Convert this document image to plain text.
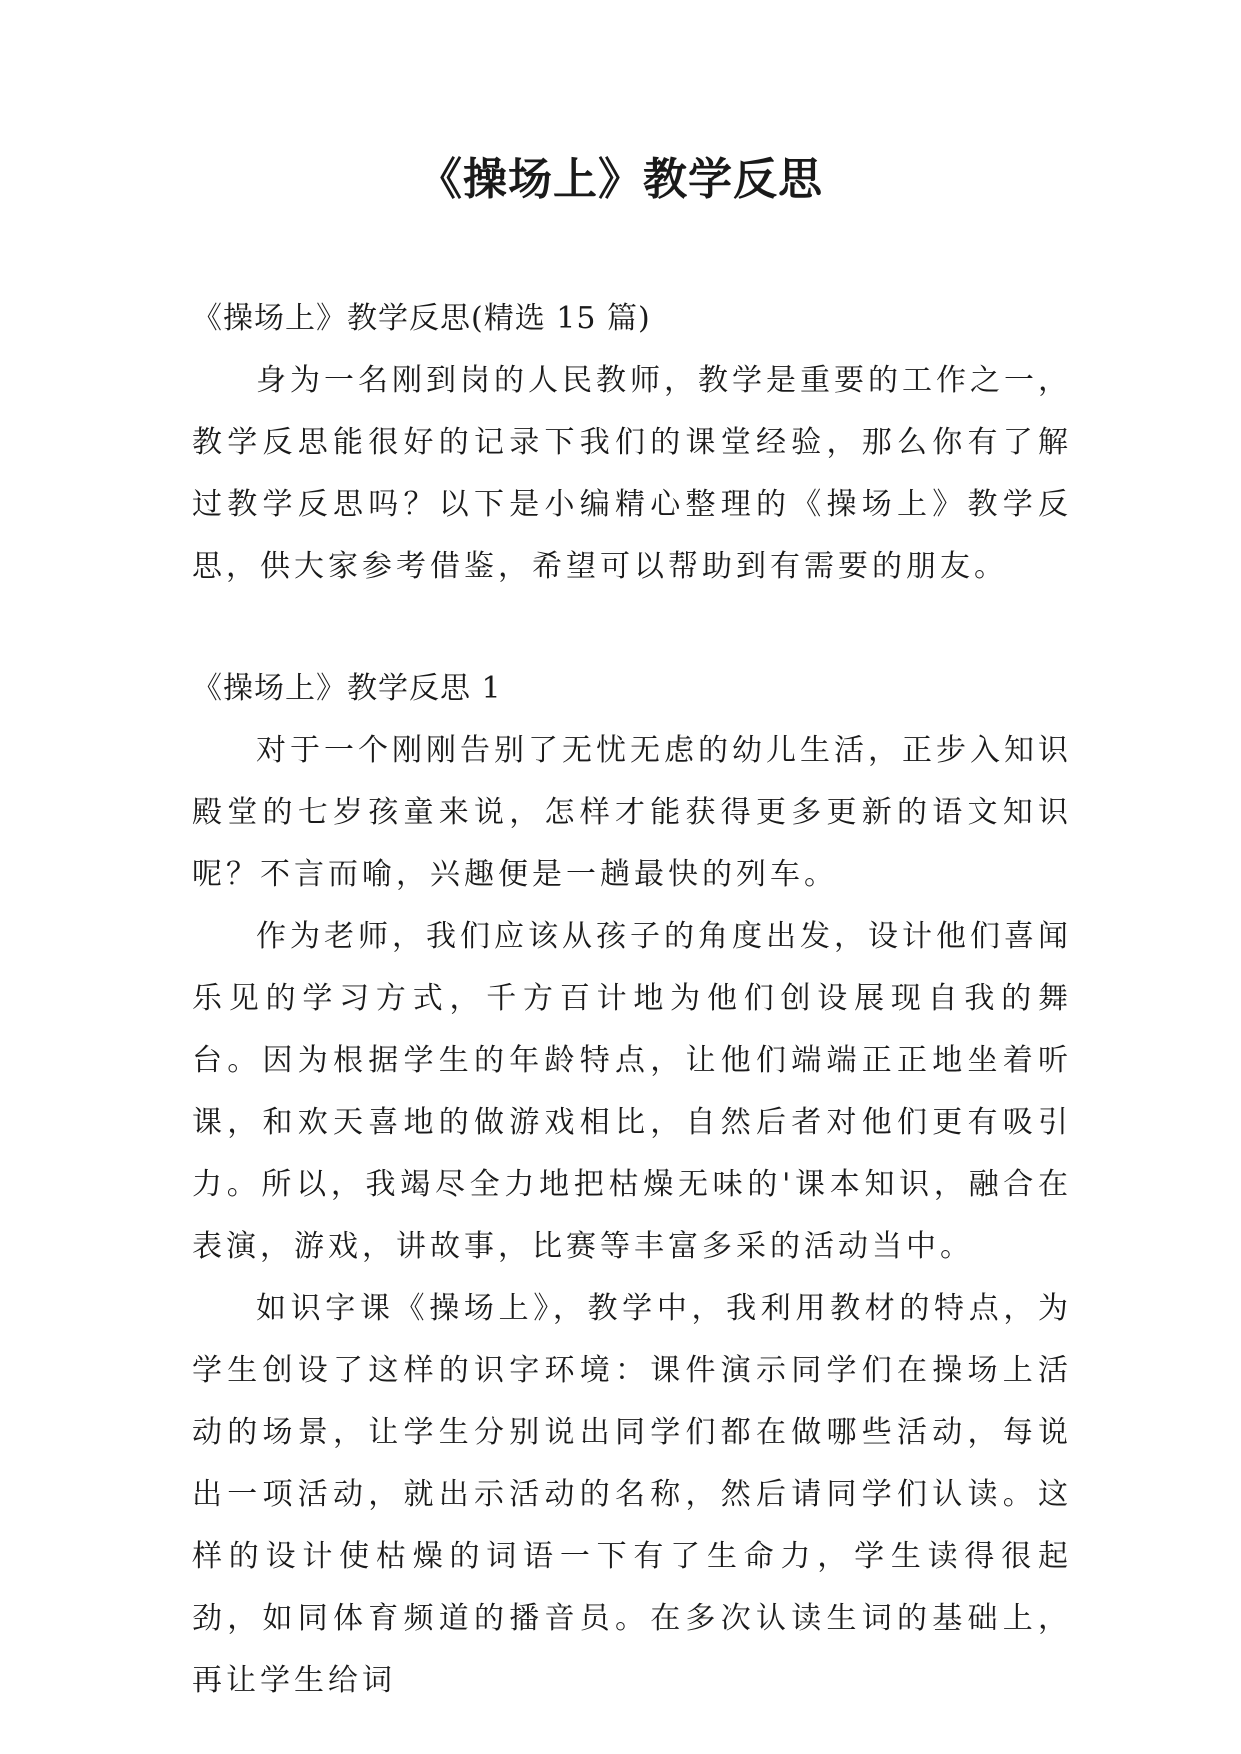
《操场上》教学反思

《操场上》教学反思(精选 15 篇)

身为一名刚到岗的人民教师，教学是重要的工作之一，教学反思能很好的记录下我们的课堂经验，那么你有了解过教学反思吗？以下是小编精心整理的《操场上》教学反思，供大家参考借鉴，希望可以帮助到有需要的朋友。

《操场上》教学反思 1

对于一个刚刚告别了无忧无虑的幼儿生活，正步入知识殿堂的七岁孩童来说，怎样才能获得更多更新的语文知识呢？不言而喻，兴趣便是一趟最快的列车。

作为老师，我们应该从孩子的角度出发，设计他们喜闻乐见的学习方式，千方百计地为他们创设展现自我的舞台。因为根据学生的年龄特点，让他们端端正正地坐着听课，和欢天喜地的做游戏相比，自然后者对他们更有吸引力。所以，我竭尽全力地把枯燥无味的'课本知识，融合在表演，游戏，讲故事，比赛等丰富多采的活动当中。

如识字课《操场上》，教学中，我利用教材的特点，为学生创设了这样的识字环境：课件演示同学们在操场上活动的场景，让学生分别说出同学们都在做哪些活动，每说出一项活动，就出示活动的名称，然后请同学们认读。这样的设计使枯燥的词语一下有了生命力，学生读得很起劲，如同体育频道的播音员。在多次认读生词的基础上，再让学生给词
